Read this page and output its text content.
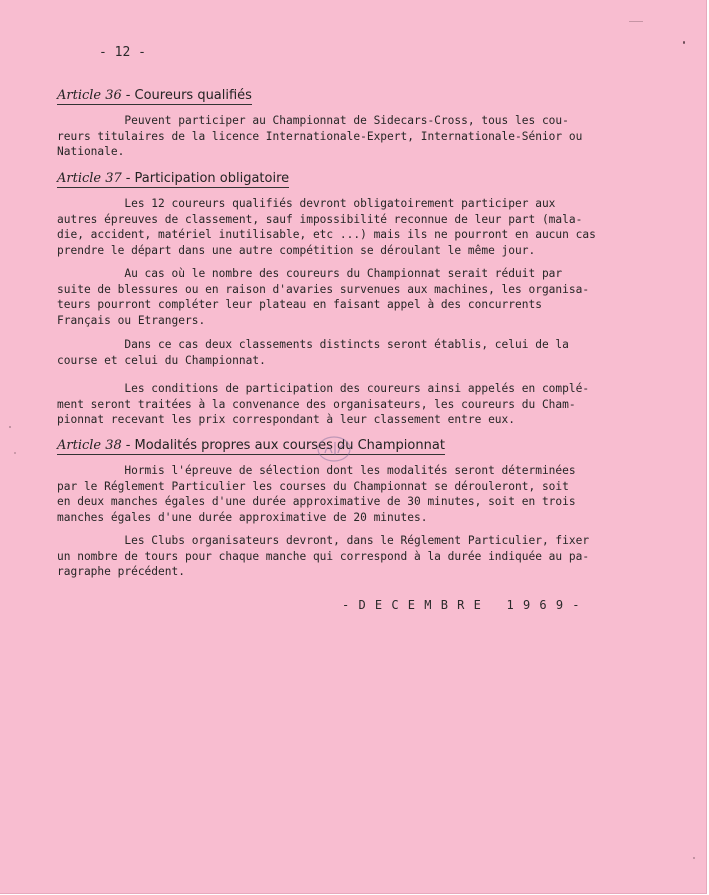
- 12 -
Article 36 - Coureurs qualifiés

Peuvent participer au Championnat de Sidecars-Cross, tous les cou-
reurs titulaires de la licence Internationale-Expert, Internationale-Sénior ou
Nationale.

Article 37 - Participation obligatoire

Les 12 coureurs qualifiés devront obligatoirement participer aux
autres épreuves de classement, sauf impossibilité reconnue de leur part (mala-
die, accident, matériel inutilisable, etc ...) mais ils ne pourront en aucun cas
prendre le départ dans une autre compétition se déroulant le même jour.

Au cas où le nombre des coureurs du Championnat serait réduit par
suite de blessures ou en raison d'avaries survenues aux machines, les organisa-
teurs pourront compléter leur plateau en faisant appel à des concurrents
Français ou Etrangers.

Dans ce cas deux classements distincts seront établis, celui de la
course et celui du Championnat.

Les conditions de participation des coureurs ainsi appelés en complé-
ment seront traitées à la convenance des organisateurs, les coureurs du Cham-
pionnat recevant les prix correspondant à leur classement entre eux.

Article 38 - Modalités propres aux courses du Championnat

Hormis l'épreuve de sélection dont les modalités seront déterminées
par le Réglement Particulier les courses du Championnat se dérouleront, soit
en deux manches égales d'une durée approximative de 30 minutes, soit en trois
manches égales d'une durée approximative de 20 minutes.

Les Clubs organisateurs devront, dans le Réglement Particulier, fixer
un nombre de tours pour chaque manche qui correspond à la durée indiquée au pa-
ragraphe précédent.

- D E C E M B R E   1 9 6 9 -
